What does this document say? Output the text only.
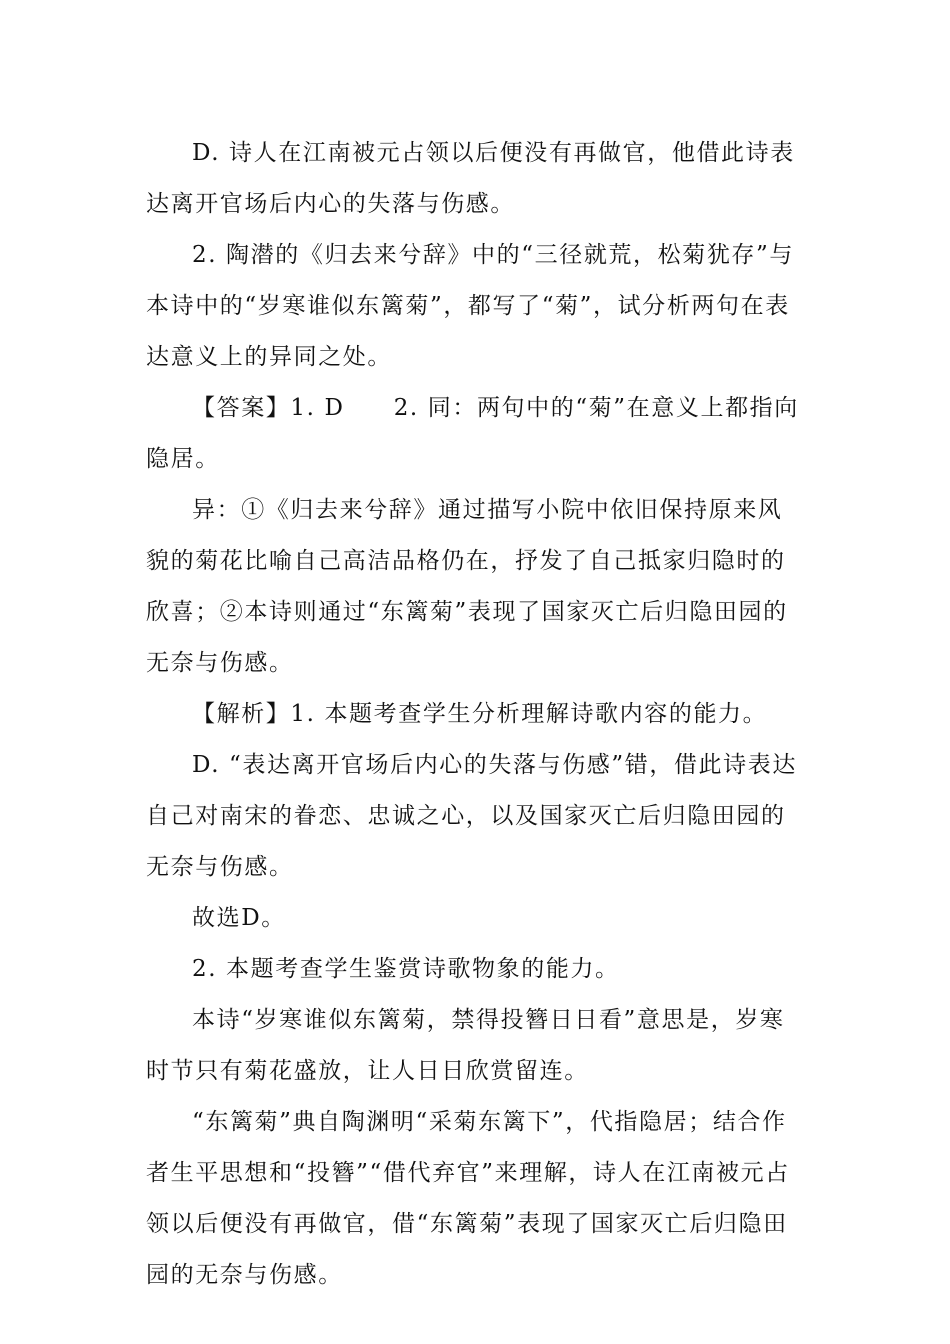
D. 诗人在江南被元占领以后便没有再做官，他借此诗表达离开官场后内心的失落与伤感。

2. 陶潜的《归去来兮辞》中的“三径就荒，松菊犹存”与本诗中的“岁寒谁似东篱菊”，都写了“菊”，试分析两句在表达意义上的异同之处。

【答案】1. D　　2. 同：两句中的“菊”在意义上都指向隐居。

异：①《归去来兮辞》通过描写小院中依旧保持原来风貌的菊花比喻自己高洁品格仍在，抒发了自己抵家归隐时的欣喜；②本诗则通过“东篱菊”表现了国家灭亡后归隐田园的无奈与伤感。

【解析】1. 本题考查学生分析理解诗歌内容的能力。

D. “表达离开官场后内心的失落与伤感”错，借此诗表达自己对南宋的眷恋、忠诚之心，以及国家灭亡后归隐田园的无奈与伤感。

故选D。

2. 本题考查学生鉴赏诗歌物象的能力。

本诗“岁寒谁似东篱菊，禁得投簪日日看”意思是，岁寒时节只有菊花盛放，让人日日欣赏留连。

“东篱菊”典自陶渊明“采菊东篱下”，代指隐居；结合作者生平思想和“投簪”“借代弃官”来理解，诗人在江南被元占领以后便没有再做官，借“东篱菊”表现了国家灭亡后归隐田园的无奈与伤感。
